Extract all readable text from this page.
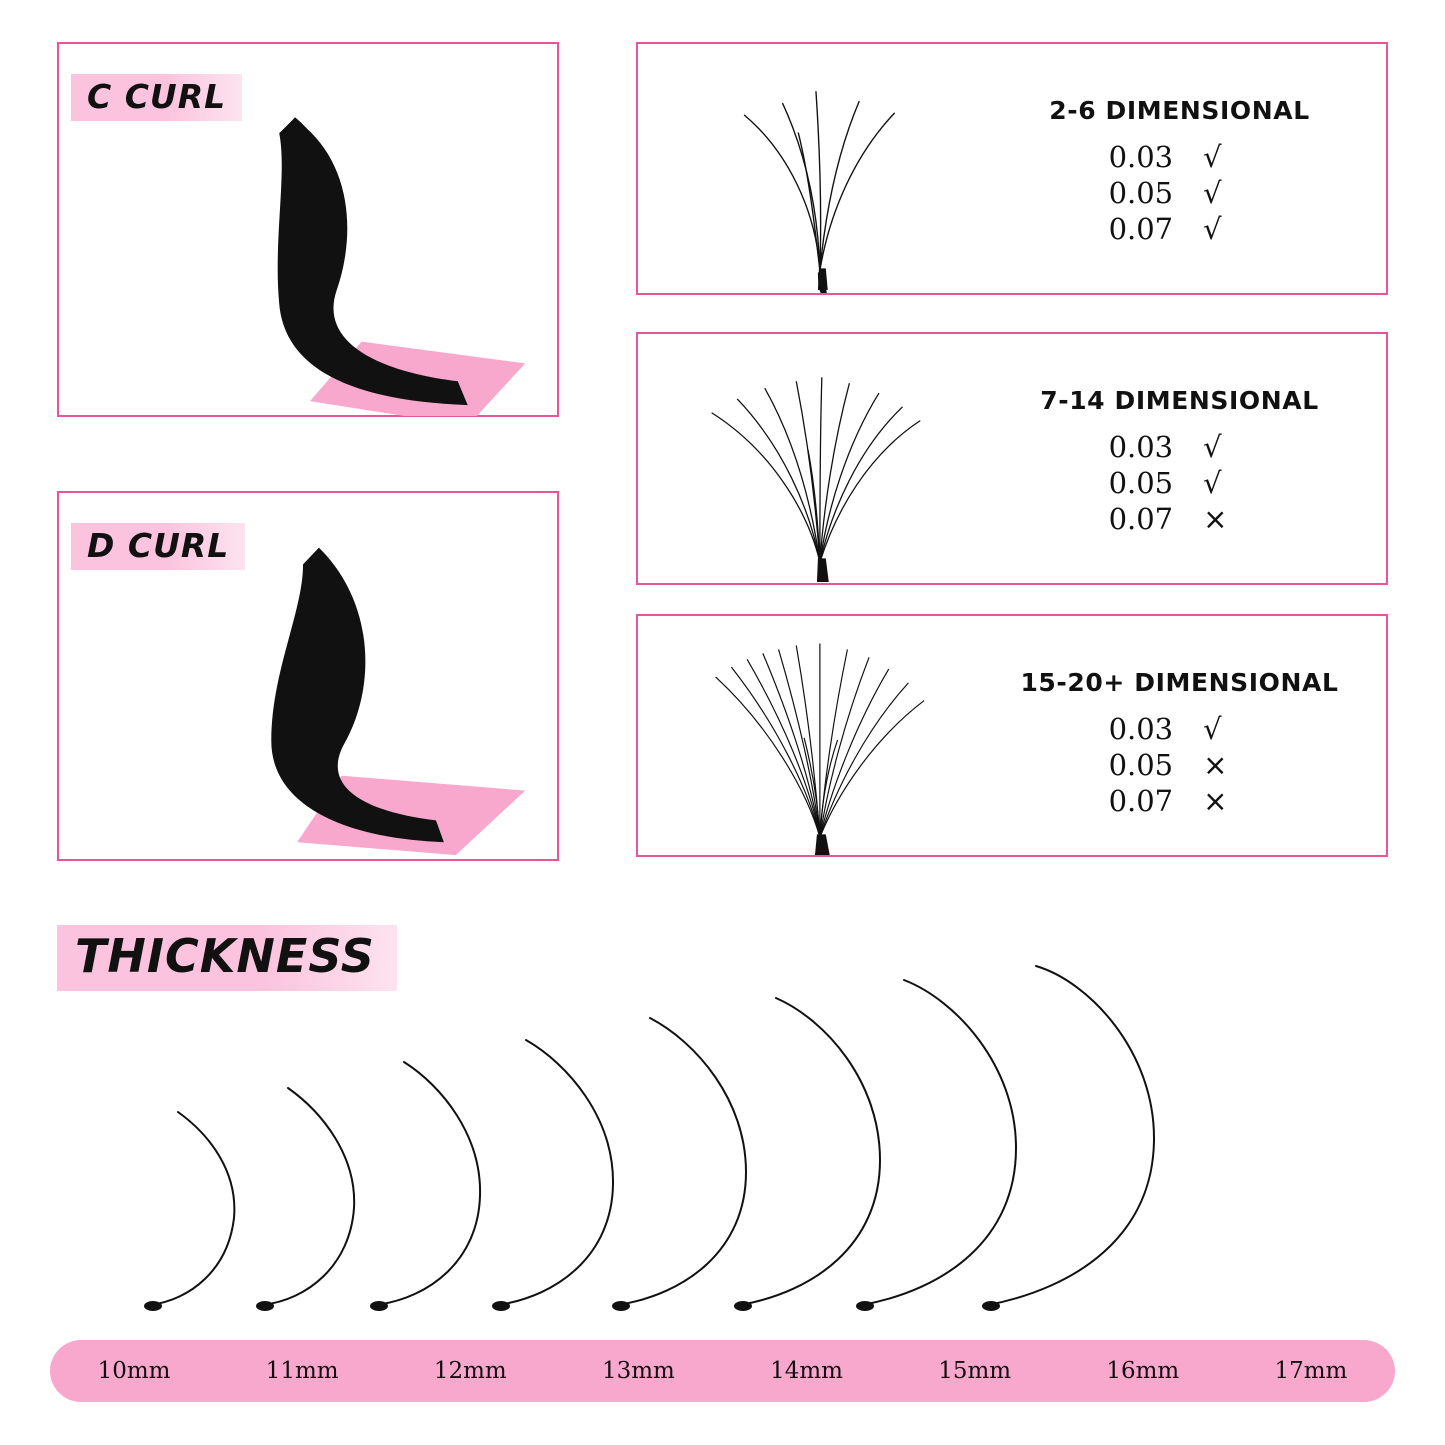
C CURL
D CURL
2-6 DIMENSIONAL
0.03	√
0.05	√
0.07	√
7-14 DIMENSIONAL
0.03	√
0.05	√
0.07	×
15-20+ DIMENSIONAL
0.03	√
0.05	×
0.07	×
THICKNESS
10mm	11mm	12mm	13mm	14mm	15mm	16mm	17mm
